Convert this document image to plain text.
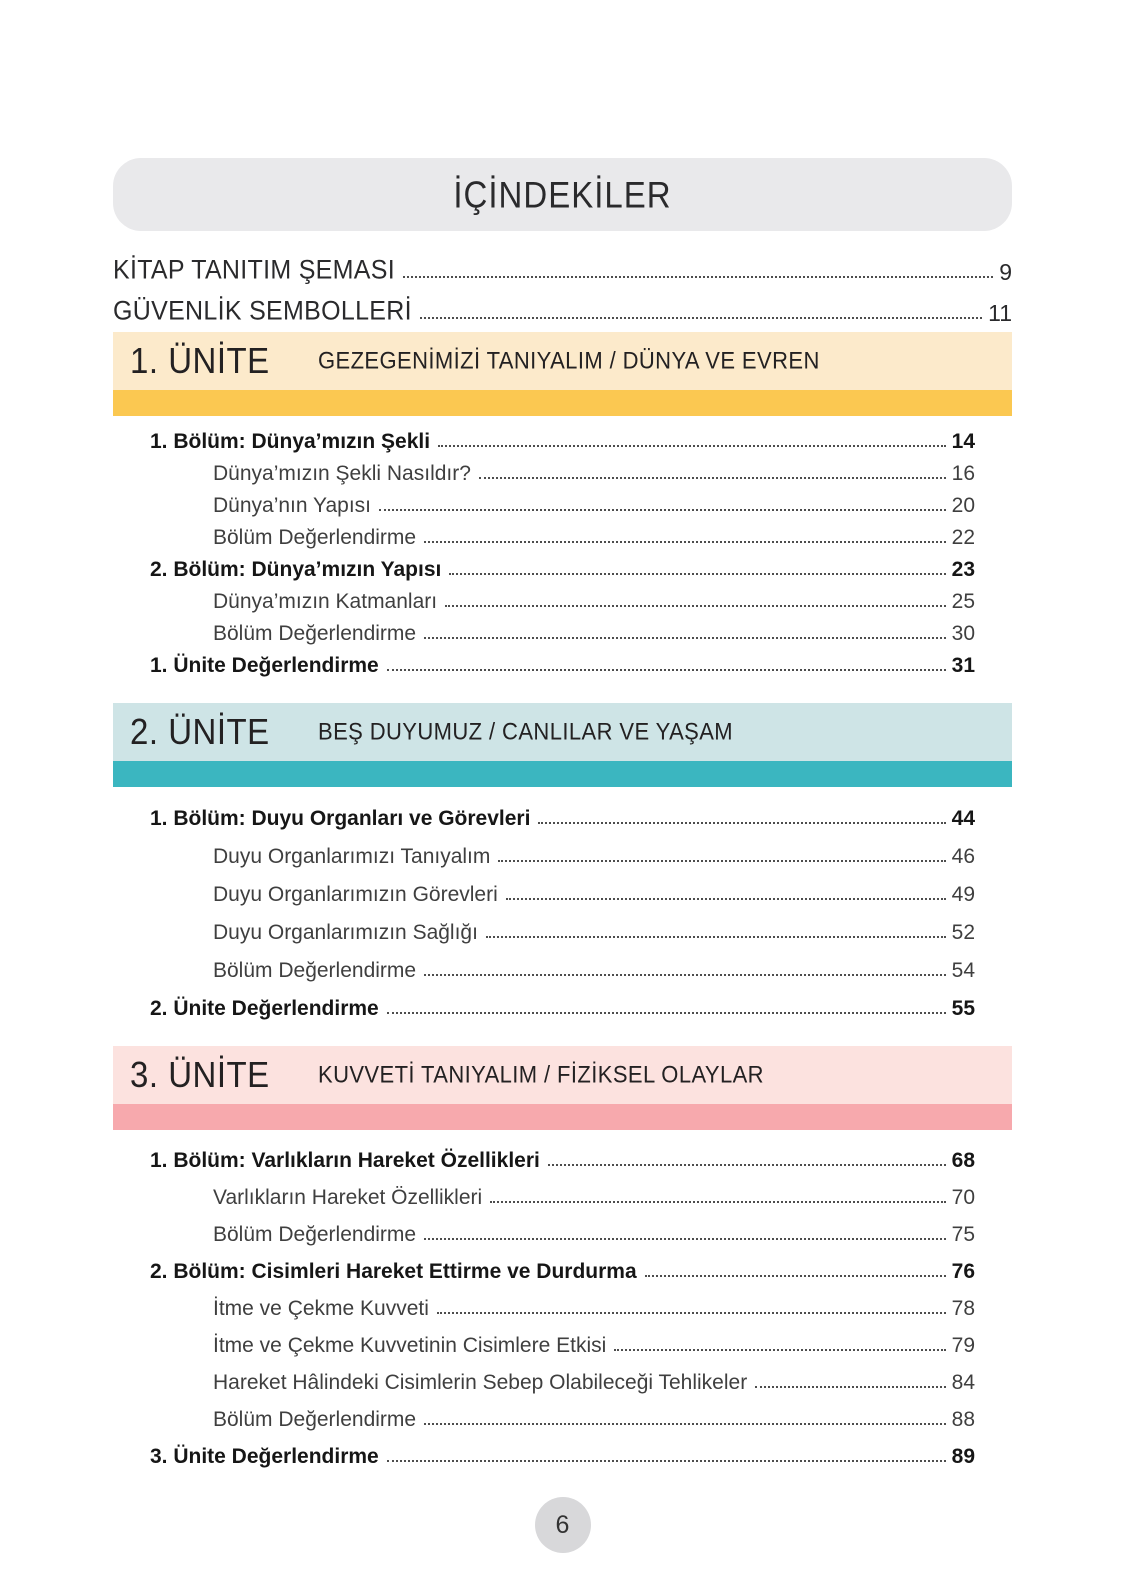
İÇİNDEKİLER
KİTAP TANITIM ŞEMASI	9
GÜVENLİK SEMBOLLERİ	11
1. ÜNİTE	GEZEGENİMİZİ TANIYALIM / DÜNYA VE EVREN
1. Bölüm: Dünya’mızın Şekli	14
Dünya’mızın Şekli Nasıldır?	16
Dünya’nın Yapısı	20
Bölüm Değerlendirme	22
2. Bölüm: Dünya’mızın Yapısı	23
Dünya’mızın Katmanları	25
Bölüm Değerlendirme	30
1. Ünite Değerlendirme	31
2. ÜNİTE	BEŞ DUYUMUZ / CANLILAR VE YAŞAM
1. Bölüm: Duyu Organları ve Görevleri	44
Duyu Organlarımızı Tanıyalım	46
Duyu Organlarımızın Görevleri	49
Duyu Organlarımızın Sağlığı	52
Bölüm Değerlendirme	54
2. Ünite Değerlendirme	55
3. ÜNİTE	KUVVETİ TANIYALIM / FİZİKSEL OLAYLAR
1. Bölüm: Varlıkların Hareket Özellikleri	68
Varlıkların Hareket Özellikleri	70
Bölüm Değerlendirme	75
2. Bölüm: Cisimleri Hareket Ettirme ve Durdurma	76
İtme ve Çekme Kuvveti	78
İtme ve Çekme Kuvvetinin Cisimlere Etkisi	79
Hareket Hâlindeki Cisimlerin Sebep Olabileceği Tehlikeler	84
Bölüm Değerlendirme	88
3. Ünite Değerlendirme	89
6
